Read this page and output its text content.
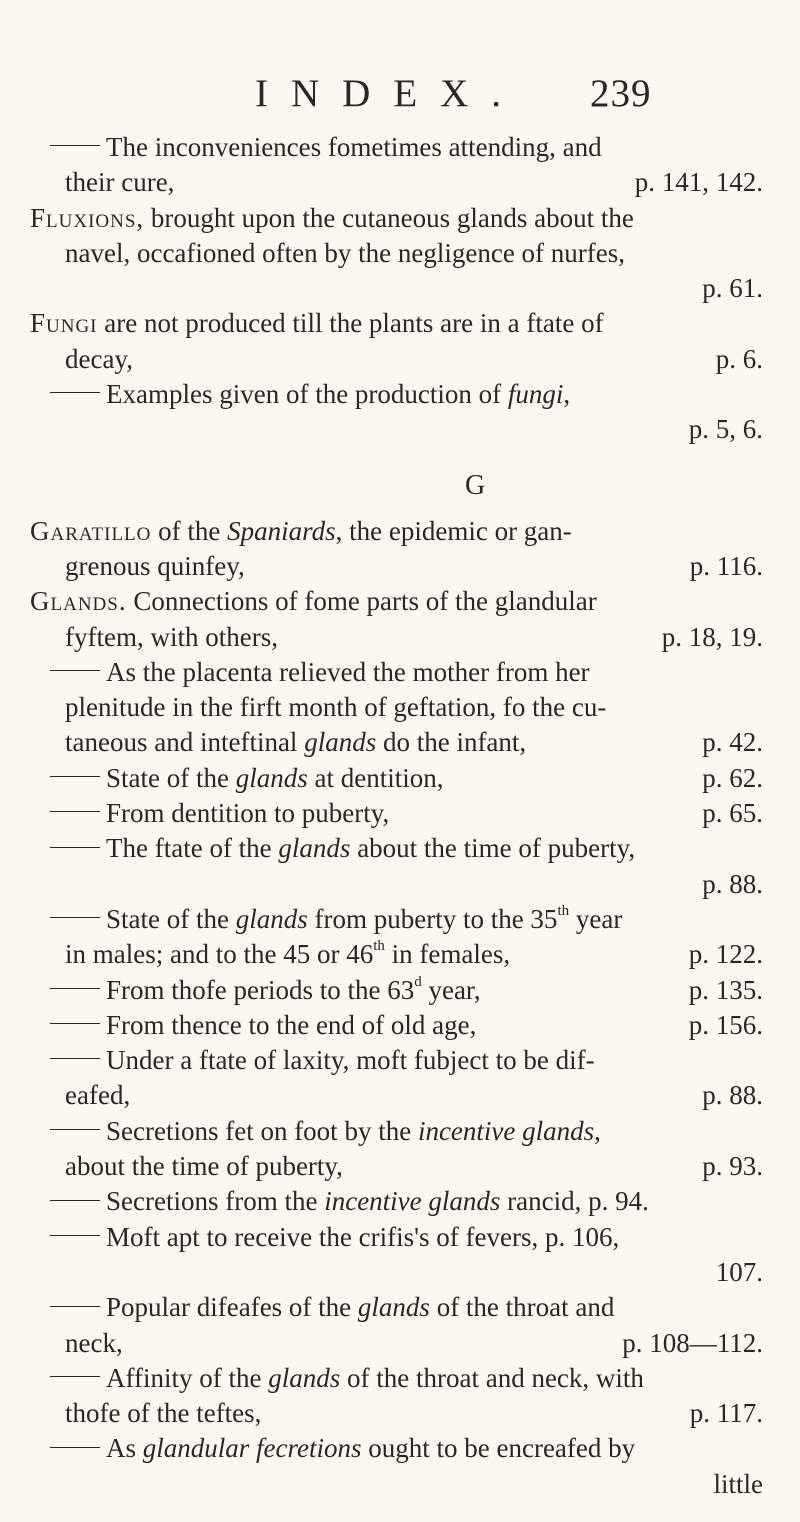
INDEX. 239
The inconveniences fometimes attending, and
their cure,	p. 141, 142.
Fluxions, brought upon the cutaneous glands about the
navel, occafioned often by the negligence of nurfes,
p. 61.
Fungi are not produced till the plants are in a ftate of
decay,	p. 6.
Examples given of the production of fungi,
p. 5, 6.
G
Garatillo of the Spaniards, the epidemic or gan-
grenous quinfey,	p. 116.
Glands. Connections of fome parts of the glandular
fyftem, with others,	p. 18, 19.
As the placenta relieved the mother from her
plenitude in the firft month of geftation, fo the cu-
taneous and inteftinal glands do the infant,	p. 42.
State of the glands at dentition,	p. 62.
From dentition to puberty,	p. 65.
The ftate of the glands about the time of puberty,
p. 88.
State of the glands from puberty to the 35th year
in males; and to the 45 or 46th in females,	p. 122.
From thofe periods to the 63$^d$ year,	p. 135.
From thence to the end of old age,	p. 156.
Under a ftate of laxity, moft fubject to be dif-
eafed,	p. 88.
Secretions fet on foot by the incentive glands,
about the time of puberty,	p. 93.
Secretions from the incentive glands rancid, p. 94.
Moft apt to receive the crifis's of fevers, p. 106,
107.
Popular difeafes of the glands of the throat and
neck,	p. 108—112.
Affinity of the glands of the throat and neck, with
thofe of the teftes,	p. 117.
As glandular fecretions ought to be encreafed by
little
